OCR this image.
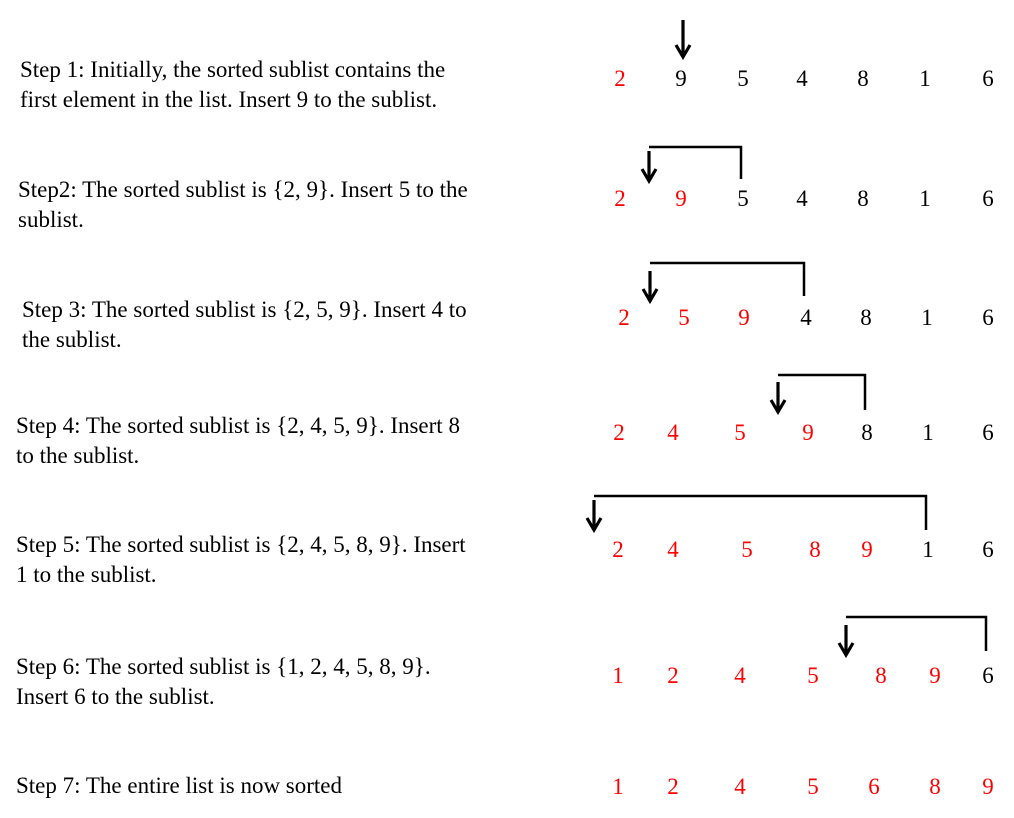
Step 1: Initially, the sorted sublist contains the first element in the list. Insert 9 to the sublist.
2 9 5 4 8 1 6
Step2: The sorted sublist is {2, 9}. Insert 5 to the sublist.
2 9 5 4 8 1 6
Step 3: The sorted sublist is {2, 5, 9}. Insert 4 to the sublist.
2 5 9 4 8 1 6
Step 4: The sorted sublist is {2, 4, 5, 9}. Insert 8 to the sublist.
2 4 5 9 8 1 6
Step 5: The sorted sublist is {2, 4, 5, 8, 9}. Insert 1 to the sublist.
2 4	5 8 9 1 6
Step 6: The sorted sublist is {1, 2, 4, 5, 8, 9}. Insert 6 to the sublist.
1 2 4	5 8 9 6
Step 7: The entire list is now sorted	1 2 4	5 6 8 9
